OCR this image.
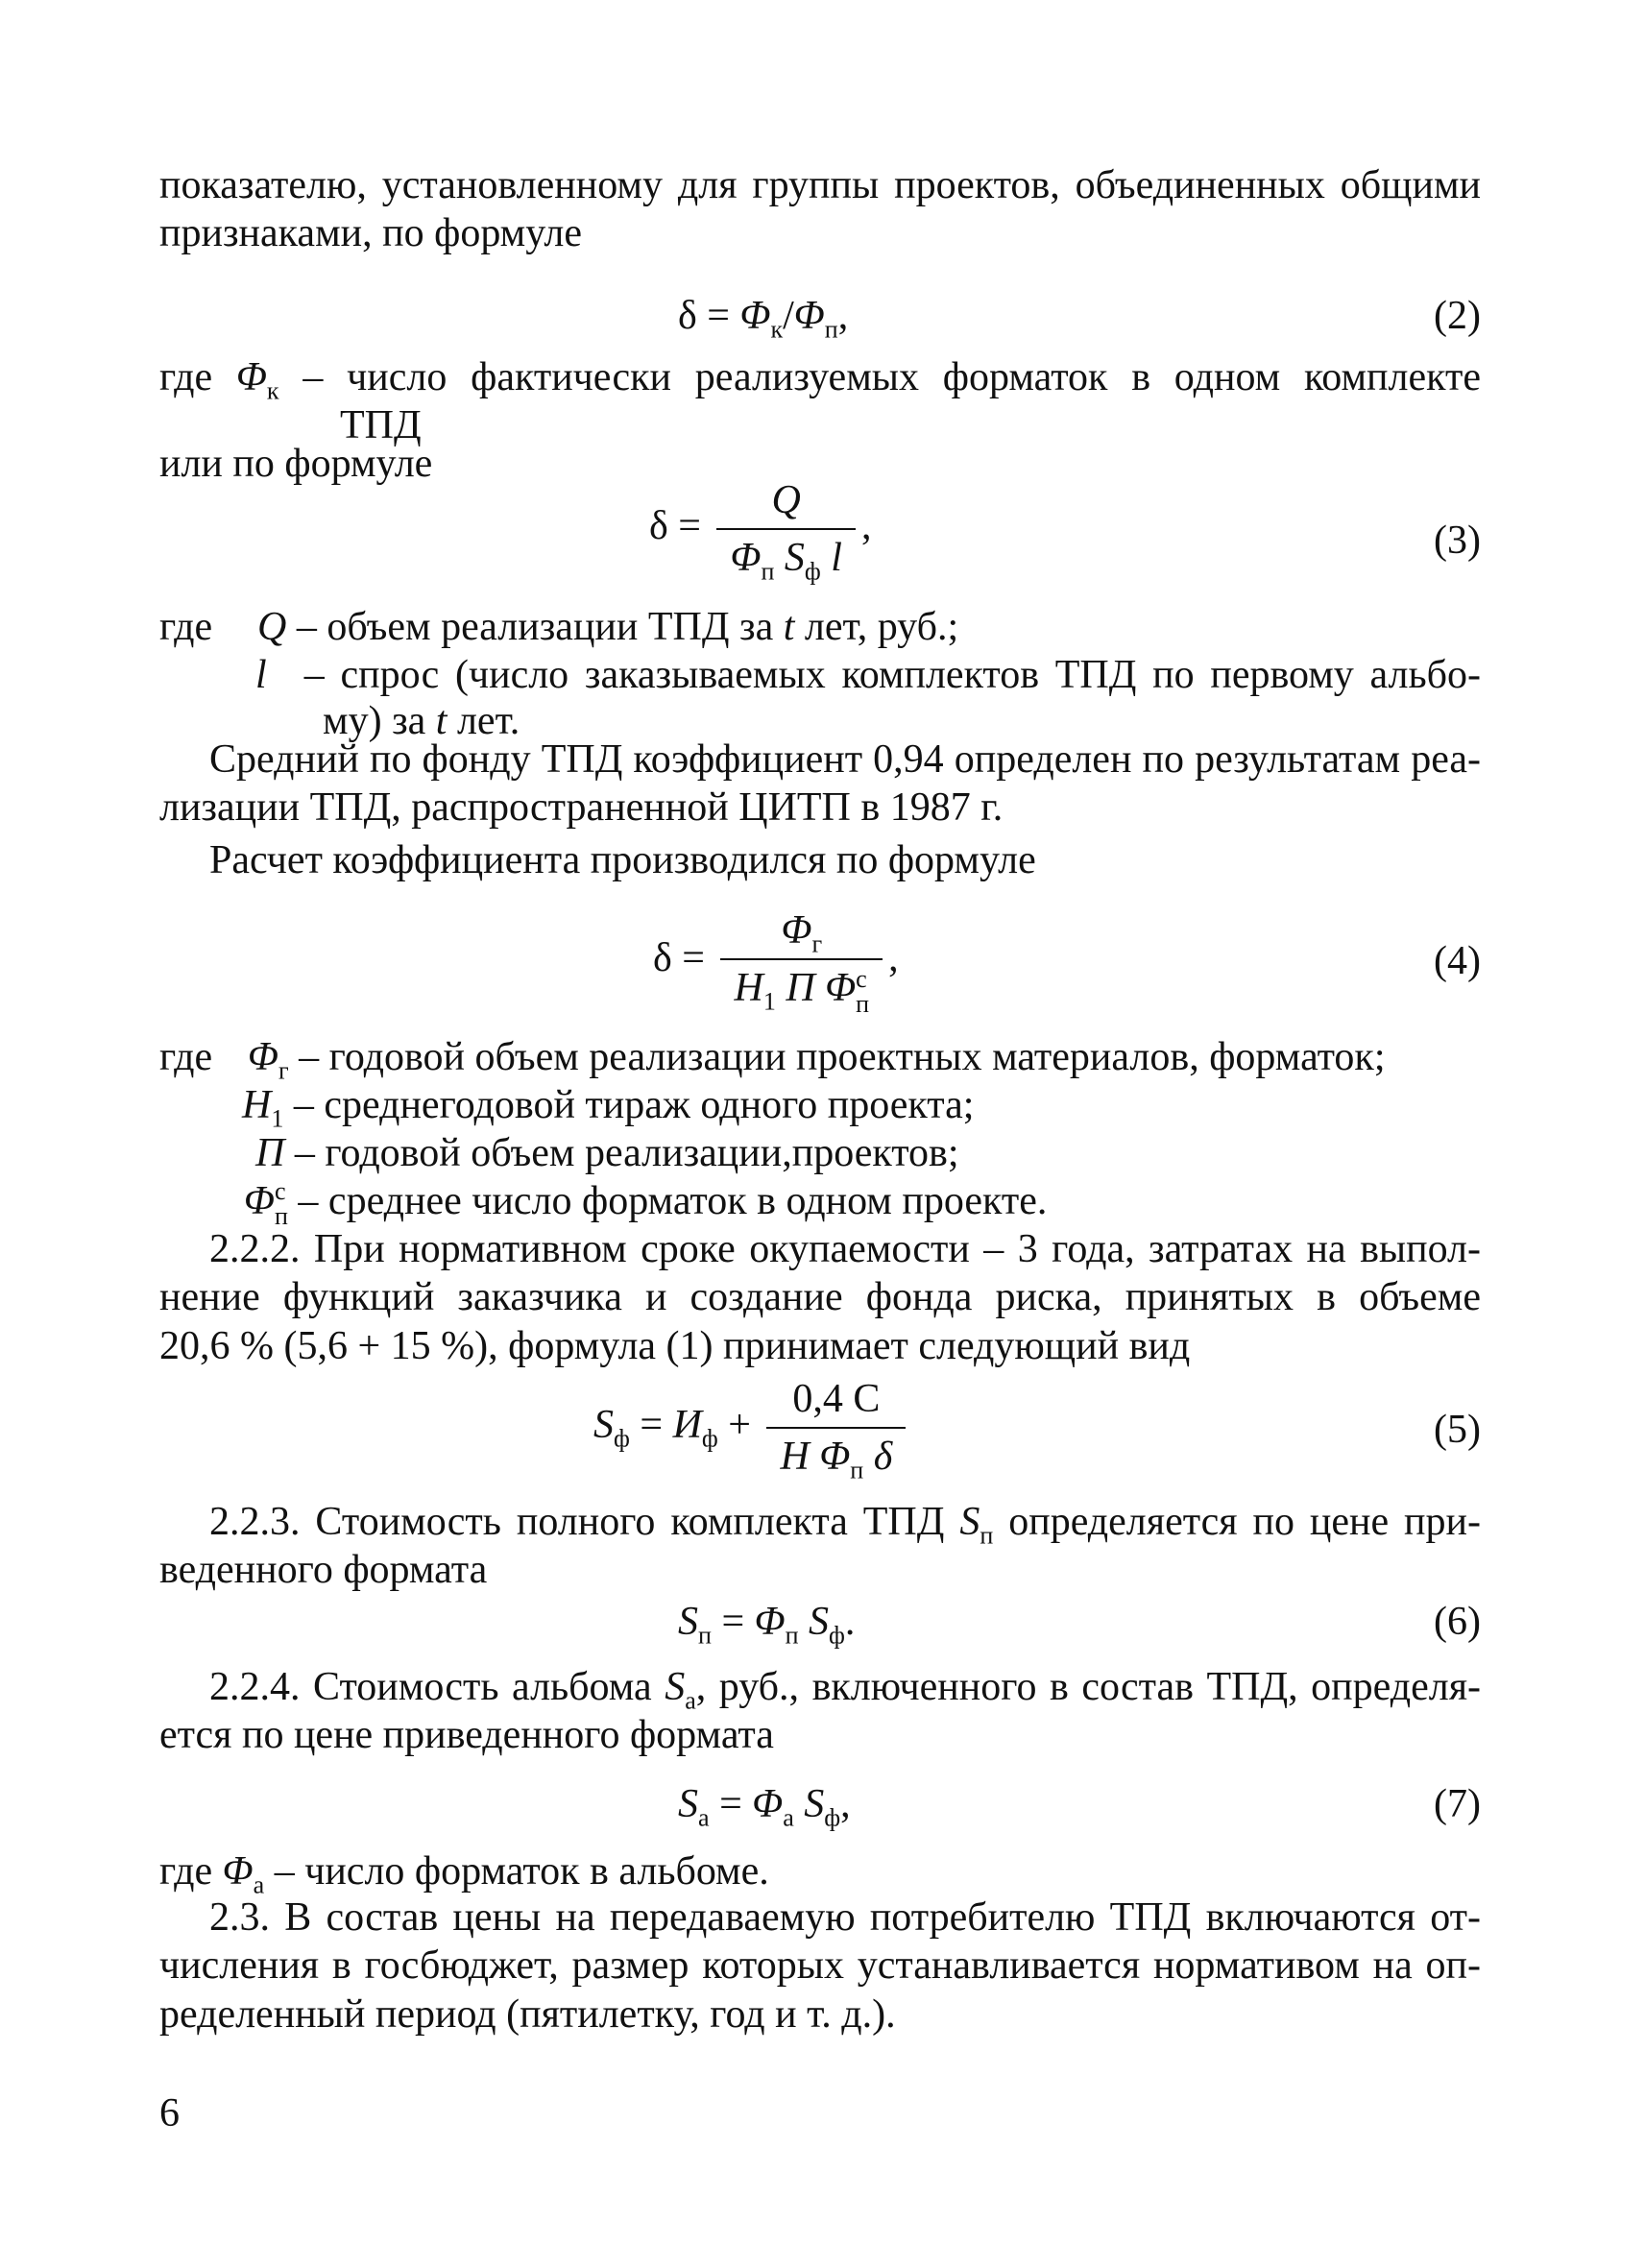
показателю, установленному для группы проектов, объединенных общими
признаками, по формуле

$\delta = \Phi_к/\Phi_п$,	(2)
где $\Phi_к$ – число фактически реализуемых форматок в одном комплекте
ТПД
или по формуле
$\delta = \frac{Q}{\Phi_п S_ф l}$ ,	(3)
где Q – объем реализации ТПД за t лет, руб.;
l – спрос (число заказываемых комплектов ТПД по первому альбо-
му) за t лет.

Средний по фонду ТПД коэффициент 0,94 определен по результатам реа-
лизации ТПД, распространенной ЦИТП в 1987 г.
Расчет коэффициента производился по формуле

$\delta = \Phi_г$
$H_1$ Π Φ с
п ,	(4)
где $\Phi_г$ – годовой объем реализации проектных материалов, форматок;
$H_1$ – среднегодовой тираж одного проекта;
Π – годовой объем реализации,проектов;
Φ с
п – среднее число форматок в одном проекте.

2.2.2. При нормативном сроке окупаемости – 3 года, затратах на выпол-
нение функций заказчика и создание фонда риска, принятых в объеме
20,6 % (5,6 + 15 %), формула (1) принимает следующий вид

$S_ф = И_ф + \frac{0,4 C}{H \Phi_п \delta}$	(5)

2.2.3. Стоимость полного комплекта ТПД $S_п$ определяется по цене при-
веденного формата

$S_п = \Phi_п$ $S_ф$.	(6)

2.2.4. Стоимость альбома $S_а$, руб., включенного в состав ТПД, определя-
ется по цене приведенного формата

$S_а = \Phi_а$ $S_ф$,	(7)
где $\Phi_а$ – число форматок в альбоме.

2.3. В состав цены на передаваемую потребителю ТПД включаются от-
числения в госбюджет, размер которых устанавливается нормативом на оп-
ределенный период (пятилетку, год и т. д.).

6
